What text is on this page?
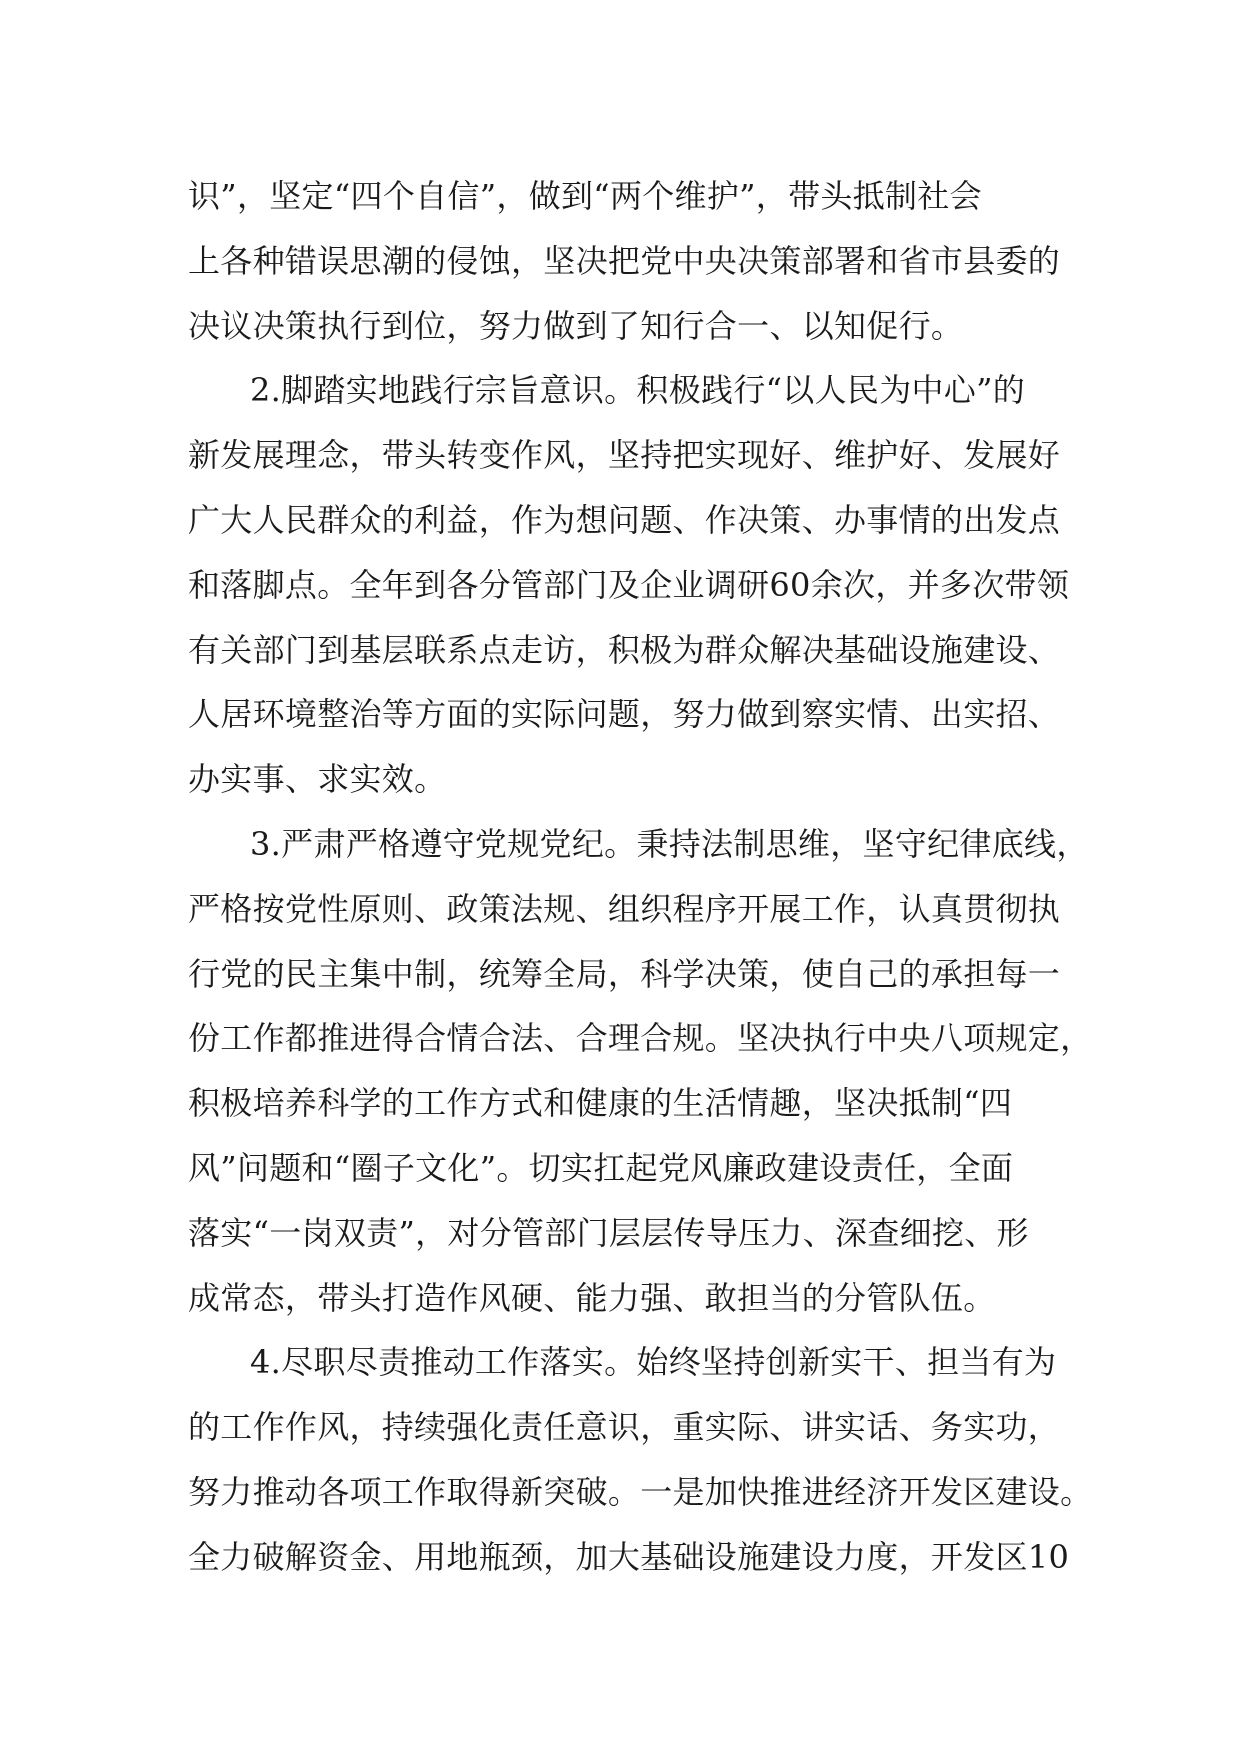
识”，坚定“四个自信”，做到“两个维护”，带头抵制社会
上各种错误思潮的侵蚀，坚决把党中央决策部署和省市县委的
决议决策执行到位，努力做到了知行合一、以知促行。
2.脚踏实地践行宗旨意识。积极践行“以人民为中心”的
新发展理念，带头转变作风，坚持把实现好、维护好、发展好
广大人民群众的利益，作为想问题、作决策、办事情的出发点
和落脚点。全年到各分管部门及企业调研60余次，并多次带领
有关部门到基层联系点走访，积极为群众解决基础设施建设、
人居环境整治等方面的实际问题，努力做到察实情、出实招、
办实事、求实效。
3.严肃严格遵守党规党纪。秉持法制思维，坚守纪律底线，
严格按党性原则、政策法规、组织程序开展工作，认真贯彻执
行党的民主集中制，统筹全局，科学决策，使自己的承担每一
份工作都推进得合情合法、合理合规。坚决执行中央八项规定，
积极培养科学的工作方式和健康的生活情趣，坚决抵制“四
风”问题和“圈子文化”。切实扛起党风廉政建设责任，全面
落实“一岗双责”，对分管部门层层传导压力、深查细挖、形
成常态，带头打造作风硬、能力强、敢担当的分管队伍。
4.尽职尽责推动工作落实。始终坚持创新实干、担当有为
的工作作风，持续强化责任意识，重实际、讲实话、务实功，
努力推动各项工作取得新突破。一是加快推进经济开发区建设。
全力破解资金、用地瓶颈，加大基础设施建设力度，开发区10
